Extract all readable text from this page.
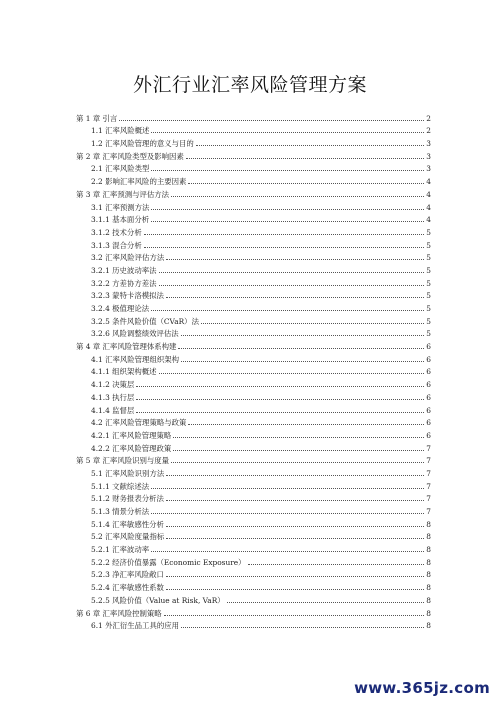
外汇行业汇率风险管理方案
第 1 章 引言	2
1.1 汇率风险概述	2
1.2 汇率风险管理的意义与目的	3
第 2 章 汇率风险类型及影响因素	3
2.1 汇率风险类型	3
2.2 影响汇率风险的主要因素	4
第 3 章 汇率预测与评估方法	4
3.1 汇率预测方法	4
3.1.1 基本面分析	4
3.1.2 技术分析	5
3.1.3 混合分析	5
3.2 汇率风险评估方法	5
3.2.1 历史波动率法	5
3.2.2 方差协方差法	5
3.2.3 蒙特卡洛模拟法	5
3.2.4 极值理论法	5
3.2.5 条件风险价值（CVaR）法	5
3.2.6 风险调整绩效评估法	5
第 4 章 汇率风险管理体系构建	6
4.1 汇率风险管理组织架构	6
4.1.1 组织架构概述	6
4.1.2 决策层	6
4.1.3 执行层	6
4.1.4 监督层	6
4.2 汇率风险管理策略与政策	6
4.2.1 汇率风险管理策略	6
4.2.2 汇率风险管理政策	7
第 5 章 汇率风险识别与度量	7
5.1 汇率风险识别方法	7
5.1.1 文献综述法	7
5.1.2 财务报表分析法	7
5.1.3 情景分析法	7
5.1.4 汇率敏感性分析	8
5.2 汇率风险度量指标	8
5.2.1 汇率波动率	8
5.2.2 经济价值暴露（Economic Exposure）	8
5.2.3 净汇率风险敞口	8
5.2.4 汇率敏感性系数	8
5.2.5 风险价值（Value at Risk, VaR）	8
第 6 章 汇率风险控制策略	8
6.1 外汇衍生品工具的应用	8
www.365jz.com
